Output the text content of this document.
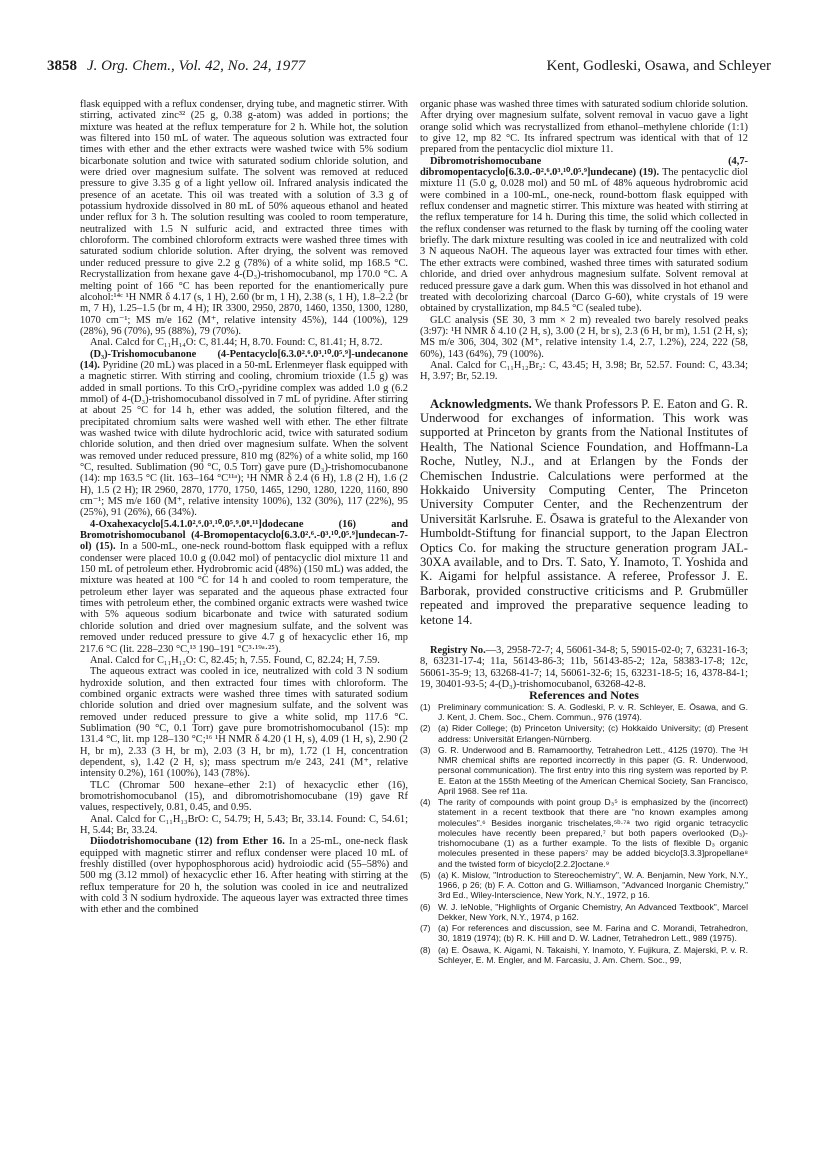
3858 J. Org. Chem., Vol. 42, No. 24, 1977	Kent, Godleski, Osawa, and Schleyer

flask equipped with a reflux condenser, drying tube, and magnetic stirrer. With stirring, activated zinc³² (25 g, 0.38 g-atom) was added in portions; the mixture was heated at the reflux temperature for 2 h. While hot, the solution was filtered into 150 mL of water. The aqueous solution was extracted four times with ether and the ether extracts were washed twice with 5% sodium bicarbonate solution and twice with saturated sodium chloride solution, and were dried over magnesium sulfate. The solvent was removed at reduced pressure to give 3.35 g of a light yellow oil. Infrared analysis indicated the presence of an acetate. This oil was treated with a solution of 3.3 g of potassium hydroxide dissolved in 80 mL of 50% aqueous ethanol and heated under reflux for 3 h. The solution resulting was cooled to room temperature, neutralized with 1.5 N sulfuric acid, and extracted three times with chloroform. The combined chloroform extracts were washed three times with saturated sodium chloride solution. After drying, the solvent was removed under reduced pressure to give 2.2 g (78%) of a white solid, mp 168.5 °C. Recrystallization from hexane gave 4-(D₃)-trishomocubanol, mp 170.0 °C. A melting point of 166 °C has been reported for the enantiomerically pure alcohol:¹⁴ᶜ ¹H NMR δ 4.17 (s, 1 H), 2.60 (br m, 1 H), 2.38 (s, 1 H), 1.8–2.2 (br m, 7 H), 1.25–1.5 (br m, 4 H); IR 3300, 2950, 2870, 1460, 1350, 1300, 1280, 1070 cm⁻¹; MS m/e 162 (M⁺, relative intensity 45%), 144 (100%), 129 (28%), 96 (70%), 95 (88%), 79 (70%).

Anal. Calcd for C₁₁H₁₄O: C, 81.44; H, 8.70. Found: C, 81.41; H, 8.72.

(D₃)-Trishomocubanone (4-Pentacyclo[6.3.0².⁶.0³.¹⁰.0⁵.⁹]-undecanone (14). Pyridine (20 mL) was placed in a 50-mL Erlenmeyer flask equipped with a magnetic stirrer. With stirring and cooling, chromium trioxide (1.5 g) was added in small portions. To this CrO₃-pyridine complex was added 1.0 g (6.2 mmol) of 4-(D₃)-trishomocubanol dissolved in 7 mL of pyridine. After stirring at about 25 °C for 14 h, ether was added, the solution filtered, and the precipitated chromium salts were washed well with ether. The ether filtrate was washed twice with dilute hydrochloric acid, twice with saturated sodium chloride solution, and then dried over magnesium sulfate. When the solvent was removed under reduced pressure, 810 mg (82%) of a white solid, mp 160 °C, resulted. Sublimation (90 °C, 0.5 Torr) gave pure (D₃)-trishomocubanone (14): mp 163.5 °C (lit. 163–164 °C¹¹ᵃ); ¹H NMR δ 2.4 (6 H), 1.8 (2 H), 1.6 (2 H), 1.5 (2 H); IR 2960, 2870, 1770, 1750, 1465, 1290, 1280, 1220, 1160, 890 cm⁻¹; MS m/e 160 (M⁺, relative intensity 100%), 132 (30%), 117 (22%), 95 (25%), 91 (26%), 66 (34%).

4-Oxahexacyclo[5.4.1.0².⁶.0³.¹⁰.0⁵.⁹.0⁸.¹¹]dodecane (16) and Bromotrishomocubanol (4-Bromopentacyclo[6.3.0².⁶.-0³.¹⁰.0⁵.⁹]undecan-7-ol) (15). In a 500-mL, one-neck round-bottom flask equipped with a reflux condenser were placed 10.0 g (0.042 mol) of pentacyclic diol mixture 11 and 150 mL of petroleum ether. Hydrobromic acid (48%) (150 mL) was added, the mixture was heated at 100 °C for 14 h and cooled to room temperature, the petroleum ether layer was separated and the aqueous phase extracted four times with petroleum ether, the combined organic extracts were washed twice with 5% aqueous sodium bicarbonate and twice with saturated sodium chloride solution and dried over magnesium sulfate, and the solvent was removed under reduced pressure to give 4.7 g of hexacyclic ether 16, mp 217.6 °C (lit. 228–230 °C,¹³ 190–191 °C³·¹⁹ᵃ·²⁵).

Anal. Calcd for C₁₁H₁₂O: C, 82.45; h, 7.55. Found, C, 82.24; H, 7.59.

The aqueous extract was cooled in ice, neutralized with cold 3 N sodium hydroxide solution, and then extracted four times with chloroform. The combined organic extracts were washed three times with saturated sodium chloride solution and dried over magnesium sulfate, and the solvent was removed under reduced pressure to give a white solid, mp 117.6 °C. Sublimation (90 °C, 0.1 Torr) gave pure bromotrishomocubanol (15): mp 131.4 °C, lit. mp 128–130 °C;¹⁶ ¹H NMR δ 4.20 (1 H, s), 4.09 (1 H, s), 2.90 (2 H, br m), 2.33 (3 H, br m), 2.03 (3 H, br m), 1.72 (1 H, concentration dependent, s), 1.42 (2 H, s); mass spectrum m/e 243, 241 (M⁺, relative intensity 0.2%), 161 (100%), 143 (78%).

TLC (Chromar 500 hexane–ether 2:1) of hexacyclic ether (16), bromotrishomocubanol (15), and dibromotrishomocubane (19) gave Rf values, respectively, 0.81, 0.45, and 0.95.

Anal. Calcd for C₁₁H₁₃BrO: C, 54.79; H, 5.43; Br, 33.14. Found: C, 54.61; H, 5.44; Br, 33.24.

Diiodotrishomocubane (12) from Ether 16. In a 25-mL, one-neck flask equipped with magnetic stirrer and reflux condenser were placed 10 mL of freshly distilled (over hypophosphorous acid) hydroiodic acid (55–58%) and 500 mg (3.12 mmol) of hexacyclic ether 16. After heating with stirring at the reflux temperature for 20 h, the solution was cooled in ice and neutralized with cold 3 N sodium hydroxide. The aqueous layer was extracted three times with ether and the combined

organic phase was washed three times with saturated sodium chloride solution. After drying over magnesium sulfate, solvent removal in vacuo gave a light orange solid which was recrystallized from ethanol–methylene chloride (1:1) to give 12, mp 82 °C. Its infrared spectrum was identical with that of 12 prepared from the pentacyclic diol mixture 11.

Dibromotrishomocubane (4,7-dibromopentacyclo[6.3.0.-0².⁶.0³.¹⁰.0⁵.⁹]undecane) (19). The pentacyclic diol mixture 11 (5.0 g, 0.028 mol) and 50 mL of 48% aqueous hydrobromic acid were combined in a 100-mL, one-neck, round-bottom flask equipped with reflux condenser and magnetic stirrer. This mixture was heated with stirring at the reflux temperature for 14 h. During this time, the solid which collected in the reflux condenser was returned to the flask by turning off the cooling water briefly. The dark mixture resulting was cooled in ice and neutralized with cold 3 N aqueous NaOH. The aqueous layer was extracted four times with ether. The ether extracts were combined, washed three times with saturated sodium chloride, and dried over anhydrous magnesium sulfate. Solvent removal at reduced pressure gave a dark gum. When this was dissolved in hot ethanol and treated with decolorizing charcoal (Darco G-60), white crystals of 19 were obtained by crystallization, mp 84.5 °C (sealed tube).

GLC analysis (SE 30, 3 mm × 2 m) revealed two barely resolved peaks (3:97): ¹H NMR δ 4.10 (2 H, s), 3.00 (2 H, br s), 2.3 (6 H, br m), 1.51 (2 H, s); MS m/e 306, 304, 302 (M⁺, relative intensity 1.4, 2.7, 1.2%), 224, 222 (58, 60%), 143 (64%), 79 (100%).

Anal. Calcd for C₁₁H₁₂Br₂: C, 43.45; H, 3.98; Br, 52.57. Found: C, 43.34; H, 3.97; Br, 52.19.

Acknowledgments. We thank Professors P. E. Eaton and G. R. Underwood for exchanges of information. This work was supported at Princeton by grants from the National Institutes of Health, The National Science Foundation, and Hoffmann-La Roche, Nutley, N.J., and at Erlangen by the Fonds der Chemischen Industrie. Calculations were performed at the Hokkaido University Computing Center, The Princeton University Computer Center, and the Rechenzentrum der Universität Karlsruhe. E. Ōsawa is grateful to the Alexander von Humboldt-Stiftung for financial support, to the Japan Electron Optics Co. for making the structure generation program JAL-30XA available, and to Drs. T. Sato, Y. Inamoto, T. Yoshida and K. Aigami for helpful assistance. A referee, Professor J. E. Barborak, provided constructive criticisms and P. Grubmüller repeated and improved the preparative sequence leading to ketone 14.

Registry No.—3, 2958-72-7; 4, 56061-34-8; 5, 59015-02-0; 7, 63231-16-3; 8, 63231-17-4; 11a, 56143-86-3; 11b, 56143-85-2; 12a, 58383-17-8; 12c, 56061-35-9; 13, 63268-41-7; 14, 56061-32-6; 15, 63231-18-5; 16, 4378-84-1; 19, 30401-93-5; 4-(D₃)-trishomocubanol, 63268-42-8.

References and Notes

(1) Preliminary communication: S. A. Godleski, P. v. R. Schleyer, E. Ōsawa, and G. J. Kent, J. Chem. Soc., Chem. Commun., 976 (1974).
(2) (a) Rider College; (b) Princeton University; (c) Hokkaido University; (d) Present address: Universität Erlangen-Nürnberg.
(3) G. R. Underwood and B. Ramamoorthy, Tetrahedron Lett., 4125 (1970). The ¹H NMR chemical shifts are reported incorrectly in this paper (G. R. Underwood, personal communication). The first entry into this ring system was reported by P. E. Eaton at the 155th Meeting of the American Chemical Society, San Francisco, April 1968. See ref 11a.
(4) The rarity of compounds with point group D₃⁵ is emphasized by the (incorrect) statement in a recent textbook that there are "no known examples among molecules".⁶ Besides inorganic trischelates,⁵ᵇ·⁷ᵃ two rigid organic tetracyclic molecules have recently been prepared,⁷ but both papers overlooked (D₃)-trishomocubane (1) as a further example. To the lists of flexible D₃ organic molecules presented in these papers⁷ may be added bicyclo[3.3.3]propellane⁸ and the twisted form of bicyclo[2.2.2]octane.⁹
(5) (a) K. Mislow, "Introduction to Stereochemistry", W. A. Benjamin, New York, N.Y., 1966, p 26; (b) F. A. Cotton and G. Williamson, "Advanced Inorganic Chemistry," 3rd Ed., Wiley-Interscience, New York, N.Y., 1972, p 16.
(6) W. J. leNoble, "Highlights of Organic Chemistry, An Advanced Textbook", Marcel Dekker, New York, N.Y., 1974, p 162.
(7) (a) For references and discussion, see M. Farina and C. Morandi, Tetrahedron, 30, 1819 (1974); (b) R. K. Hill and D. W. Ladner, Tetrahedron Lett., 989 (1975).
(8) (a) E. Ōsawa, K. Aigami, N. Takaishi, Y. Inamoto, Y. Fujikura, Z. Majerski, P. v. R. Schleyer, E. M. Engler, and M. Farcasiu, J. Am. Chem. Soc., 99,
